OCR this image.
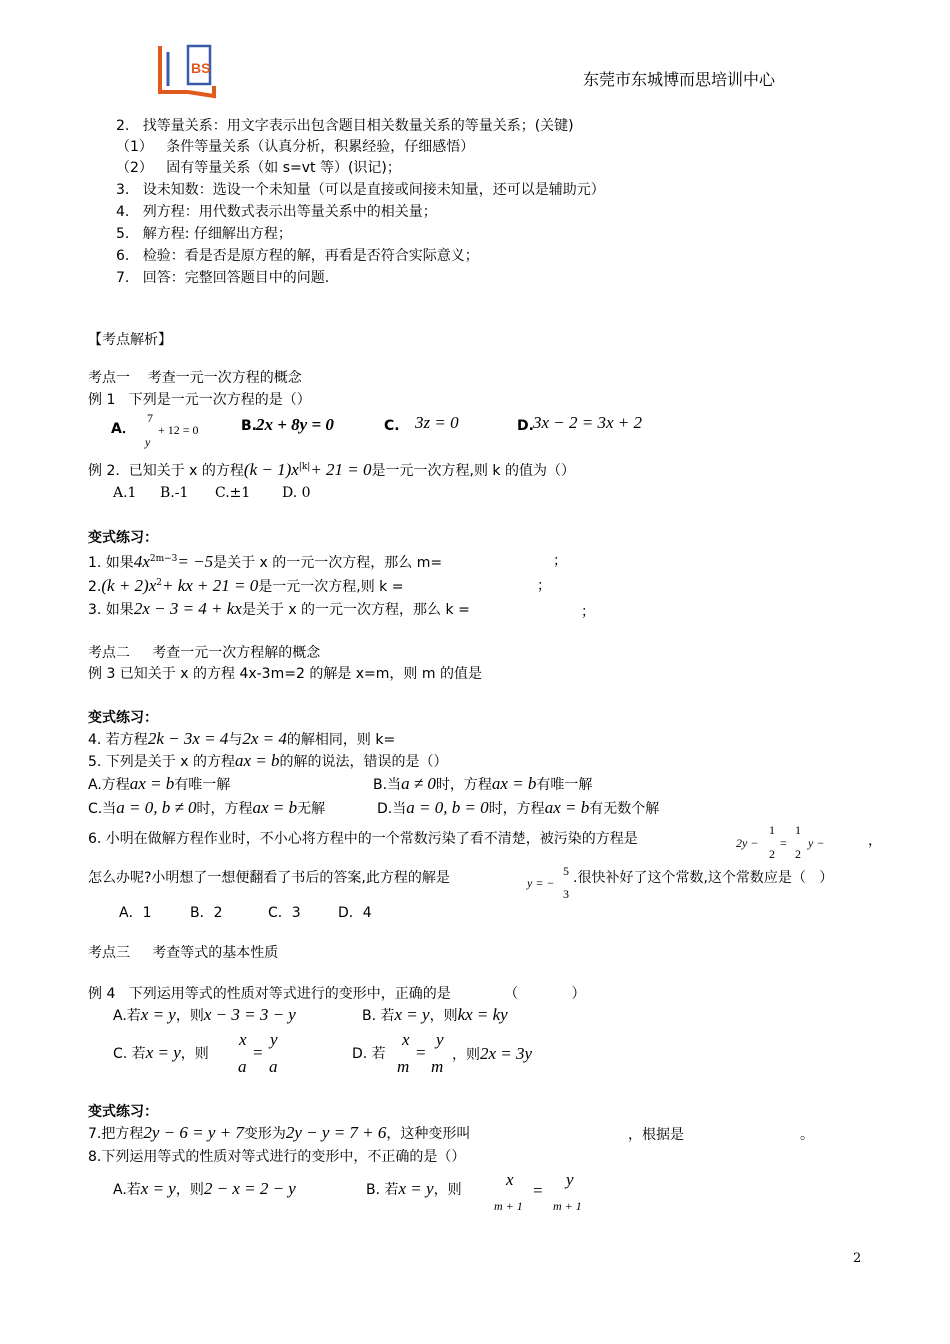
BS
东莞市东城博而思培训中心
2.   找等量关系：用文字表示出包含题目相关数量关系的等量关系；(关键)
（1）   条件等量关系（认真分析，积累经验，仔细感悟）
（2）   固有等量关系（如 s=vt 等）(识记)；
3.   设未知数：选设一个未知量（可以是直接或间接未知量，还可以是辅助元）
4.   列方程：用代数式表示出等量关系中的相关量；
5.   解方程: 仔细解出方程；
6.   检验：看是否是原方程的解，再看是否符合实际意义；
7.   回答：完整回答题目中的问题.
【考点解析】
考点一    考查一元一次方程的概念
例 1   下列是一元一次方程的是（）
A．
7
+ 12 = 0
y
B. 2x + 8y = 0	C. 3z = 0	D. 3x − 2 = 3x + 2
例 2.  已知关于 x 的方程$(k - 1)x^{|k|}+ 21 = 0$是一元一次方程,则 k 的值为（）
A.1 B.-1 C.±1 D. 0
变式练习：
1. 如果$4x^{2m-3}= -5$是关于 x 的一元一次方程，那么 m=	；
$2.(k + 2)x^2+$ kx + 21 = 0是一元一次方程,则 k =	；
3. 如果2x − 3 = 4 + kx是关于 x 的一元一次方程，那么 k =	；
考点二     考查一元一次方程解的概念
例 3 已知关于 x 的方程 4x-3m=2 的解是 x=m，则 m 的值是
变式练习：
4. 若方程2k − 3x = 4与2x = 4的解相同，则 k=
5. 下列是关于 x 的方程ax = b的解的说法，错误的是（）
A.方程ax = b有唯一解	B.当a ≠ 0时，方程ax = b有唯一解
C.当a = 0, b ≠ 0时，方程ax = b无解	D.当a = 0, b = 0时，方程ax = b有无数个解
6. 小明在做解方程作业时，不小心将方程中的一个常数污染了看不清楚，被污染的方程是	2y −
1
2
=
1
2
y −	，
怎么办呢?小明想了一想便翻看了书后的答案,此方程的解是	y = −
5
3
.很快补好了这个常数,这个常数应是（   ）
A．1	B．2	C．3	D．4
考点三     考查等式的基本性质
例 4   下列运用等式的性质对等式进行的变形中，正确的是            （            ）
A.若x = y，则x − 3 = 3 − y	B. 若x = y，则kx = ky
C. 若x = y，则
x
a
=
y
a
D. 若
x
m
=
y
m
，则2x = 3y
变式练习：
7.把方程2y − 6 = y + 7变形为2y − y = 7 + 6，这种变形叫	，根据是	。
8.下列运用等式的性质对等式进行的变形中，不正确的是（）
A.若x = y，则2 − x = 2 − y	B. 若x = y，则
x
m + 1
=
y
m + 1
2
